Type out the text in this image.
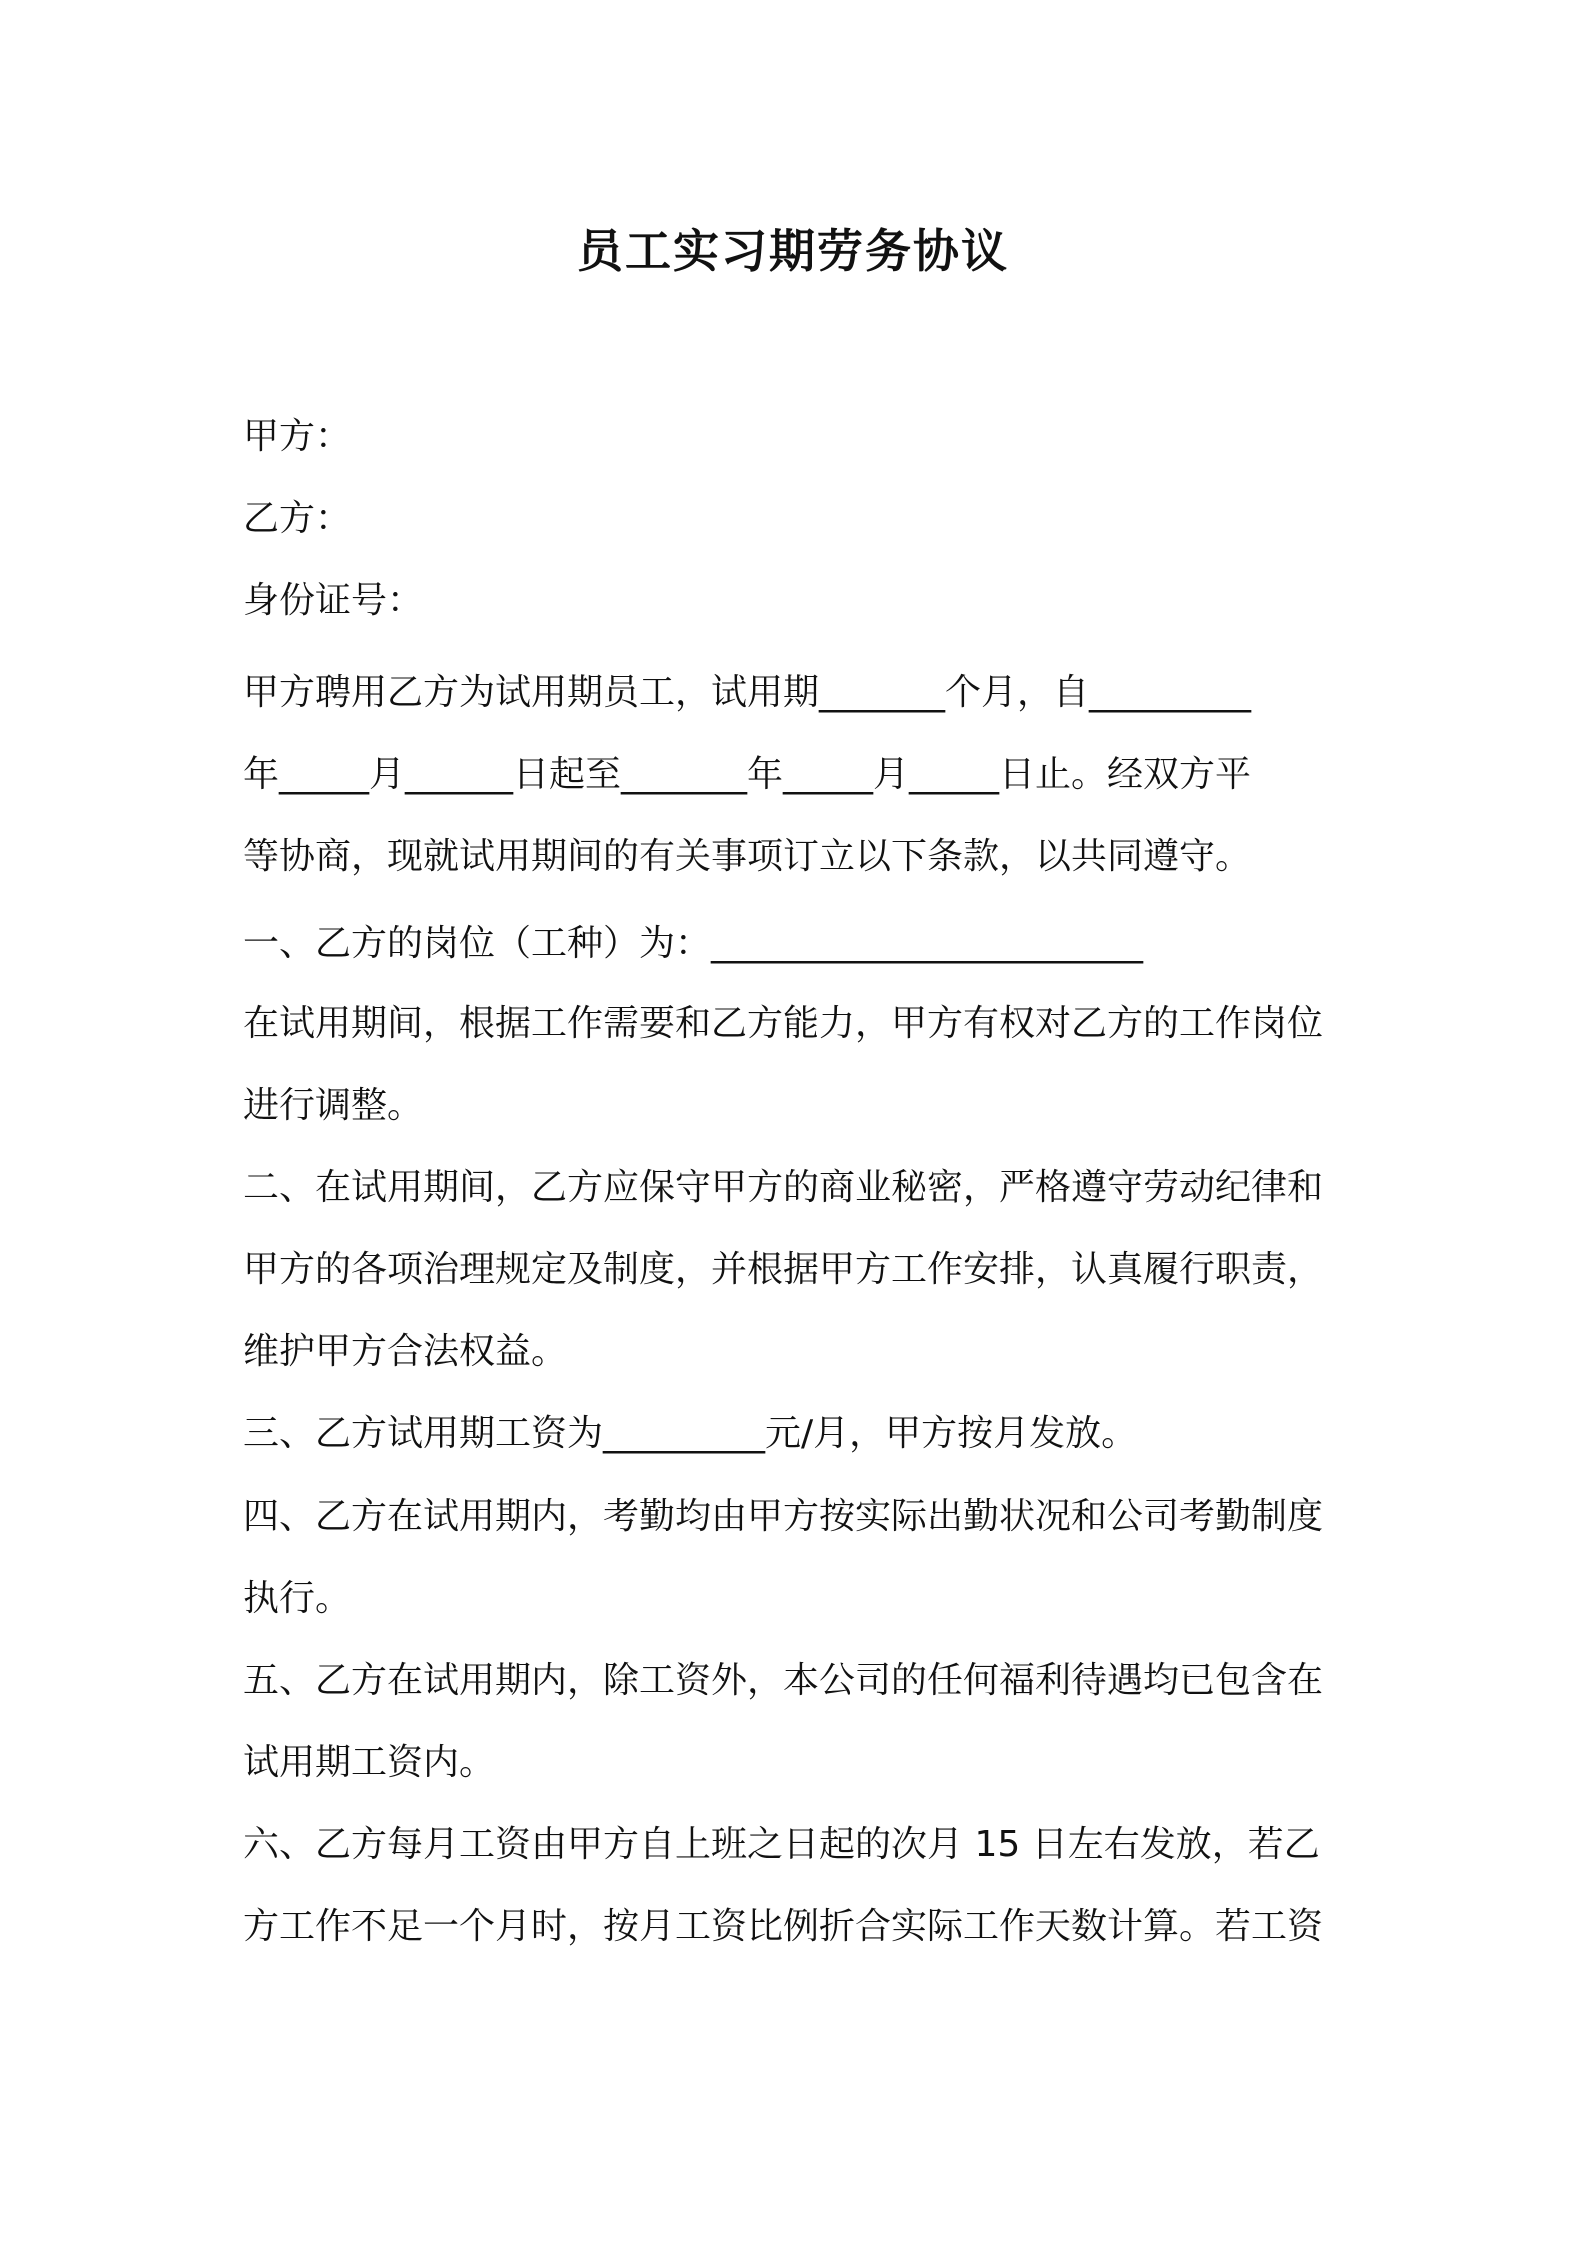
员工实习期劳务协议

甲方：

乙方：

身份证号：

甲方聘用乙方为试用期员工，试用期_______个月，自_________

年_____月______日起至_______年_____月_____日止。经双方平

等协商，现就试用期间的有关事项订立以下条款，以共同遵守。

一、乙方的岗位（工种）为：________________________

在试用期间，根据工作需要和乙方能力，甲方有权对乙方的工作岗位

进行调整。

二、在试用期间，乙方应保守甲方的商业秘密，严格遵守劳动纪律和

甲方的各项治理规定及制度，并根据甲方工作安排，认真履行职责，

维护甲方合法权益。

三、乙方试用期工资为_________元/月，甲方按月发放。

四、乙方在试用期内，考勤均由甲方按实际出勤状况和公司考勤制度

执行。

五、乙方在试用期内，除工资外，本公司的任何福利待遇均已包含在

试用期工资内。

六、乙方每月工资由甲方自上班之日起的次月 15 日左右发放，若乙

方工作不足一个月时，按月工资比例折合实际工作天数计算。若工资
